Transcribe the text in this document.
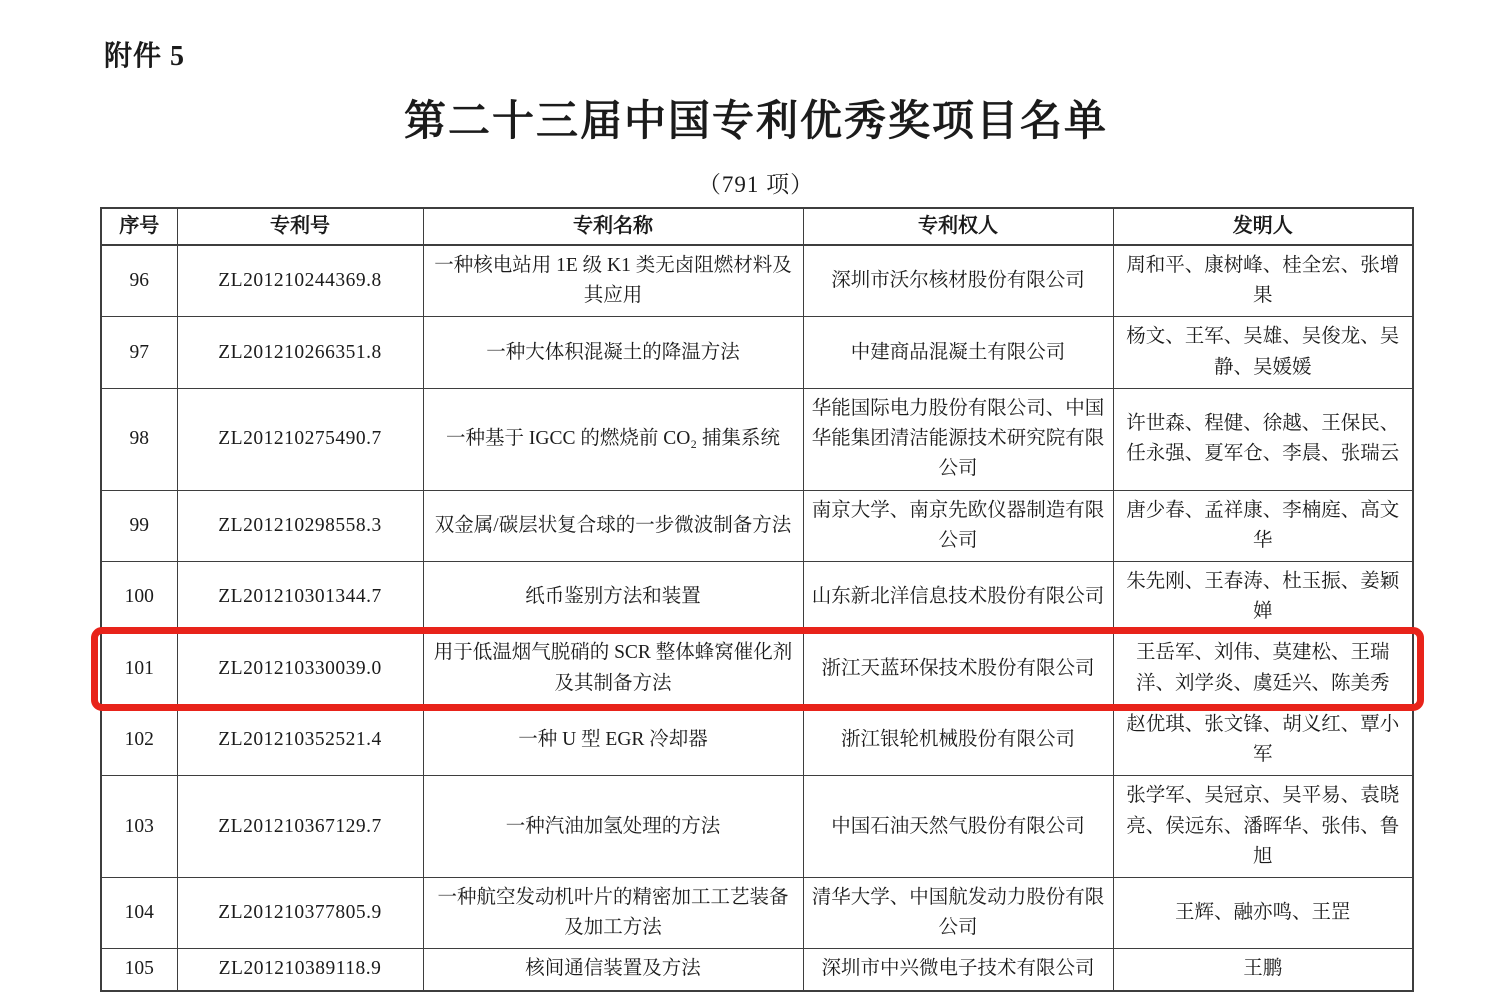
附件 5
第二十三届中国专利优秀奖项目名单
（791 项）
序号	专利号	专利名称	专利权人	发明人
96	ZL201210244369.8	一种核电站用 1E 级 K1 类无卤阻燃材料及其应用	深圳市沃尔核材股份有限公司	周和平、康树峰、桂全宏、张增果
97	ZL201210266351.8	一种大体积混凝土的降温方法	中建商品混凝土有限公司	杨文、王军、吴雄、吴俊龙、吴静、吴媛媛
98	ZL201210275490.7	一种基于 IGCC 的燃烧前 CO₂ 捕集系统	华能国际电力股份有限公司、中国华能集团清洁能源技术研究院有限公司	许世森、程健、徐越、王保民、任永强、夏军仓、李晨、张瑞云
99	ZL201210298558.3	双金属/碳层状复合球的一步微波制备方法	南京大学、南京先欧仪器制造有限公司	唐少春、孟祥康、李楠庭、高文华
100	ZL201210301344.7	纸币鉴别方法和装置	山东新北洋信息技术股份有限公司	朱先刚、王春涛、杜玉振、姜颖婵
101	ZL201210330039.0	用于低温烟气脱硝的 SCR 整体蜂窝催化剂及其制备方法	浙江天蓝环保技术股份有限公司	王岳军、刘伟、莫建松、王瑞洋、刘学炎、虞廷兴、陈美秀
102	ZL201210352521.4	一种 U 型 EGR 冷却器	浙江银轮机械股份有限公司	赵优琪、张文锋、胡义红、覃小军
103	ZL201210367129.7	一种汽油加氢处理的方法	中国石油天然气股份有限公司	张学军、吴冠京、吴平易、袁晓亮、侯远东、潘晖华、张伟、鲁旭
104	ZL201210377805.9	一种航空发动机叶片的精密加工工艺装备及加工方法	清华大学、中国航发动力股份有限公司	王辉、融亦鸣、王罡
105	ZL201210389118.9	核间通信装置及方法	深圳市中兴微电子技术有限公司	王鹏
